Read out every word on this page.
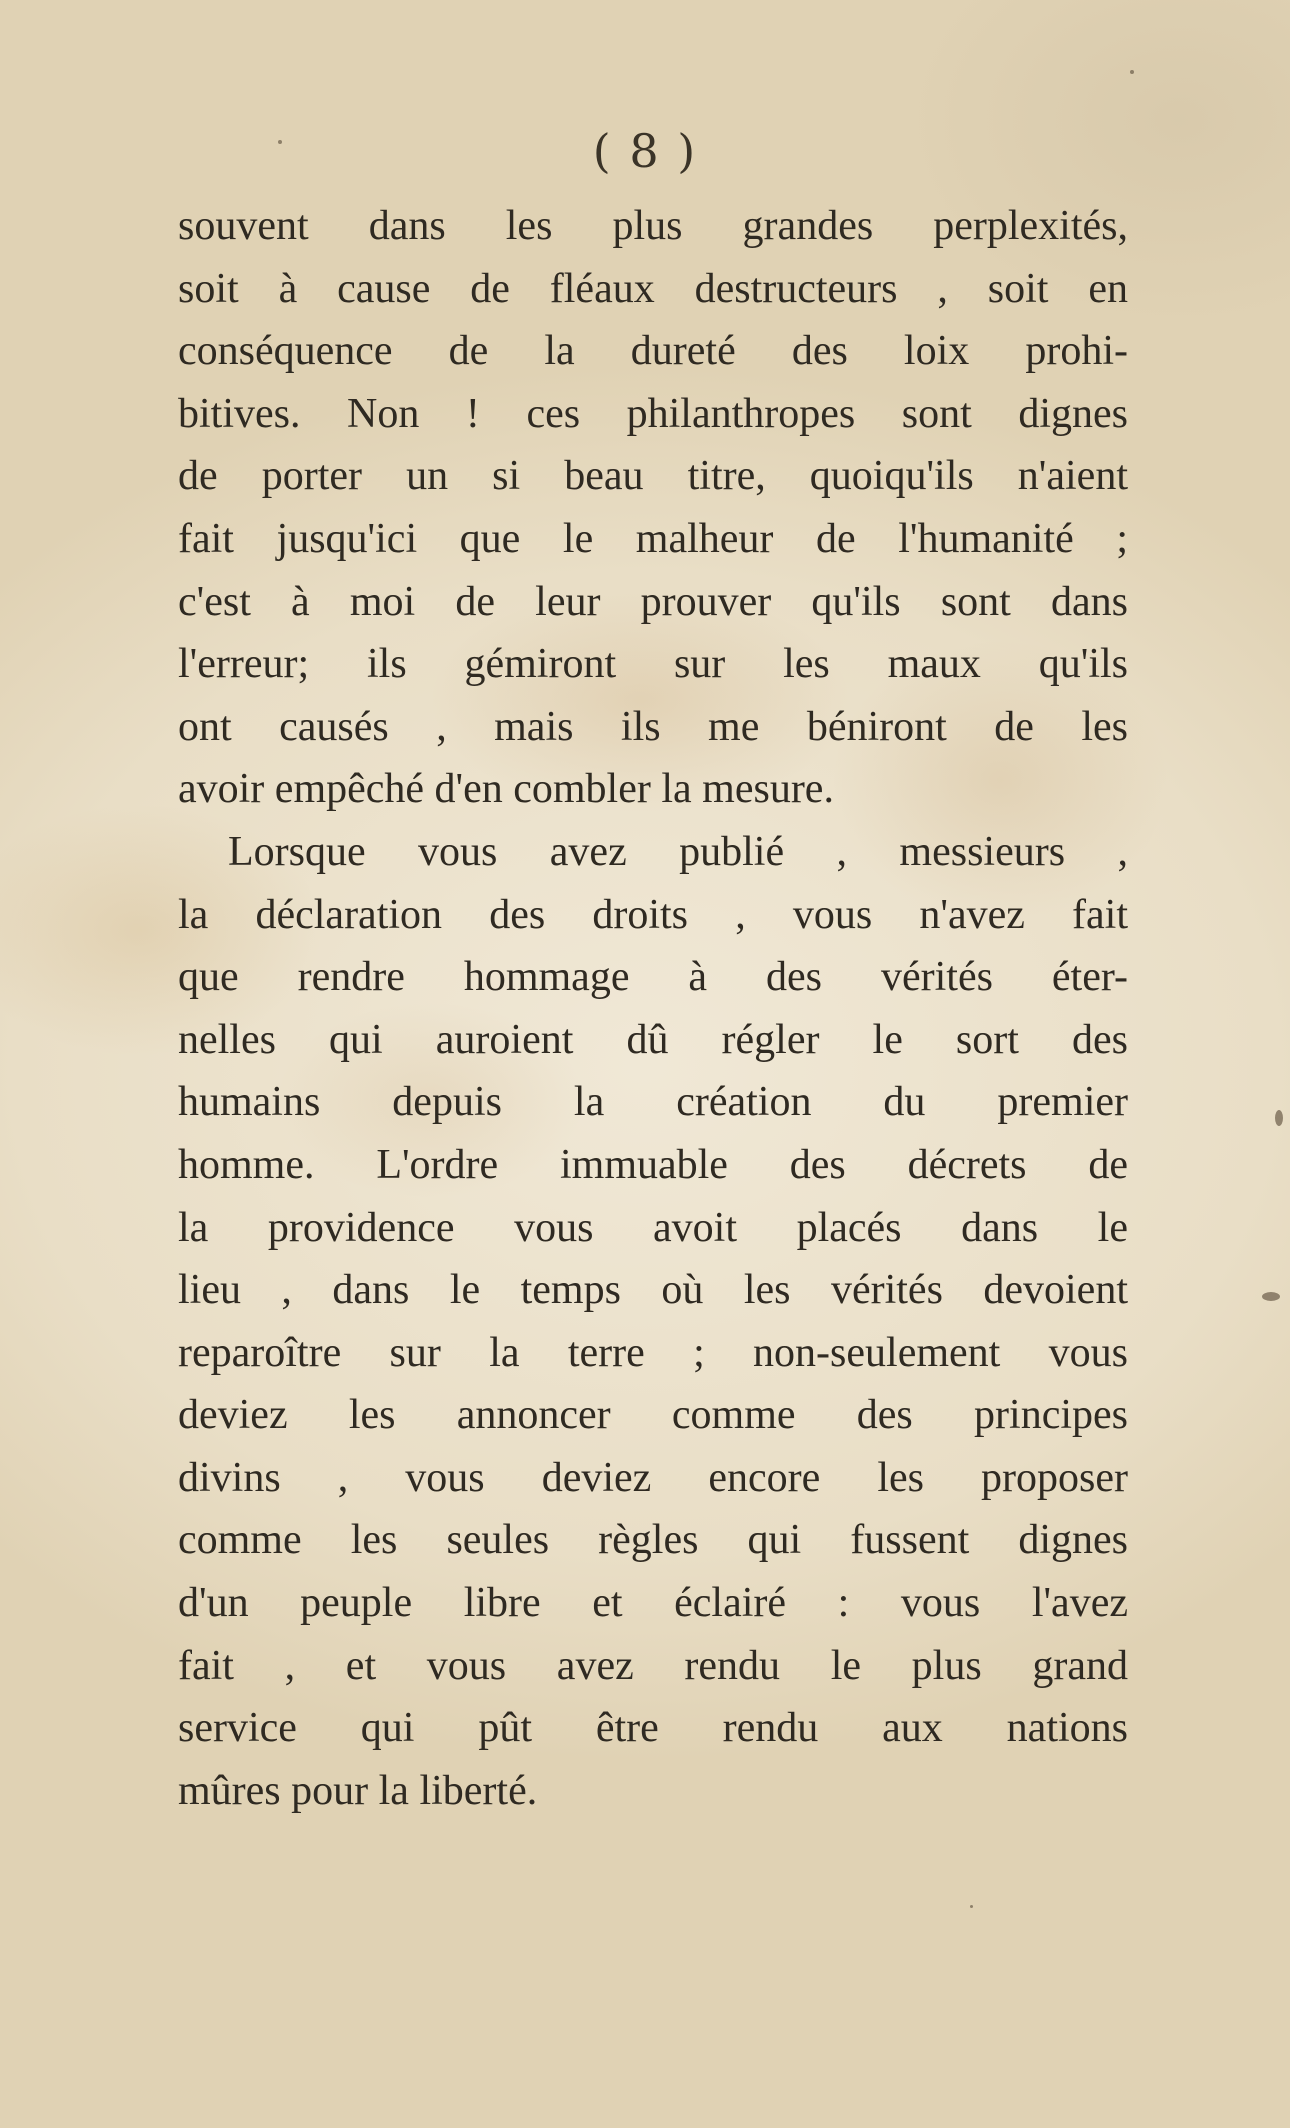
( 8 )
souvent dans les plus grandes perplexités,
soit à cause de fléaux destructeurs , soit en
conséquence de la dureté des loix prohi-
bitives. Non ! ces philanthropes sont dignes
de porter un si beau titre, quoiqu'ils n'aient
fait jusqu'ici que le malheur de l'humanité ;
c'est à moi de leur prouver qu'ils sont dans
l'erreur; ils gémiront sur les maux qu'ils
ont causés , mais ils me béniront de les
avoir empêché d'en combler la mesure.
Lorsque vous avez publié , messieurs ,
la déclaration des droits , vous n'avez fait
que rendre hommage à des vérités éter-
nelles qui auroient dû régler le sort des
humains depuis la création du premier
homme. L'ordre immuable des décrets de
la providence vous avoit placés dans le
lieu , dans le temps où les vérités devoient
reparoître sur la terre ; non-seulement vous
deviez les annoncer comme des principes
divins , vous deviez encore les proposer
comme les seules règles qui fussent dignes
d'un peuple libre et éclairé : vous l'avez
fait , et vous avez rendu le plus grand
service qui pût être rendu aux nations
mûres pour la liberté.
